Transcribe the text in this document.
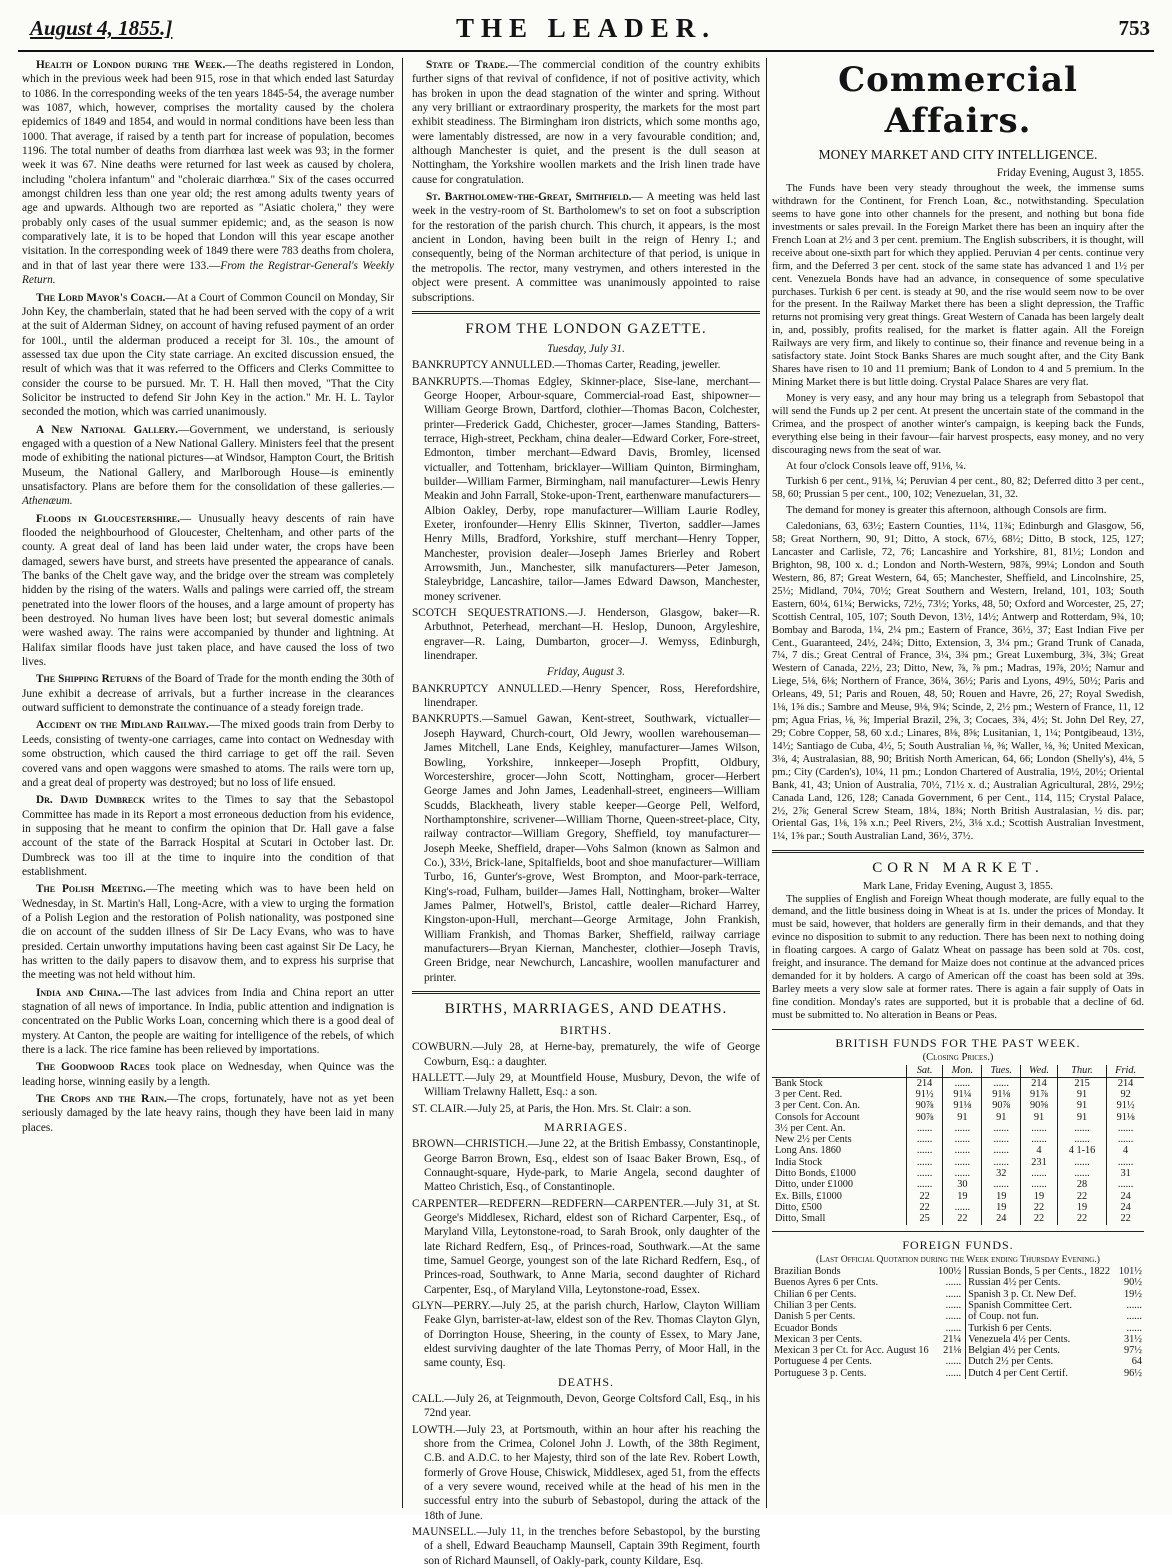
August 4, 1855.]	THE LEADER.	753

Health of London during the Week.—The deaths registered in London, which in the previous week had been 915, rose in that which ended last Saturday to 1086. In the corresponding weeks of the ten years 1845-54, the average number was 1087, which, however, comprises the mortality caused by the cholera epidemics of 1849 and 1854, and would in normal conditions have been less than 1000. That average, if raised by a tenth part for increase of population, becomes 1196. The total number of deaths from diarrhœa last week was 93; in the former week it was 67. Nine deaths were returned for last week as caused by cholera, including "cholera infantum" and "choleraic diarrhœa." Six of the cases occurred amongst children less than one year old; the rest among adults twenty years of age and upwards. Although two are reported as "Asiatic cholera," they were probably only cases of the usual summer epidemic; and, as the season is now comparatively late, it is to be hoped that London will this year escape another visitation. In the corresponding week of 1849 there were 783 deaths from cholera, and in that of last year there were 133.—From the Registrar-General's Weekly Return.

The Lord Mayor's Coach.—At a Court of Common Council on Monday, Sir John Key, the chamberlain, stated that he had been served with the copy of a writ at the suit of Alderman Sidney, on account of having refused payment of an order for 100l., until the alderman produced a receipt for 3l. 10s., the amount of assessed tax due upon the City state carriage. An excited discussion ensued, the result of which was that it was referred to the Officers and Clerks Committee to consider the course to be pursued. Mr. T. H. Hall then moved, "That the City Solicitor be instructed to defend Sir John Key in the action." Mr. H. L. Taylor seconded the motion, which was carried unanimously.

A New National Gallery.—Government, we understand, is seriously engaged with a question of a New National Gallery. Ministers feel that the present mode of exhibiting the national pictures—at Windsor, Hampton Court, the British Museum, the National Gallery, and Marlborough House—is eminently unsatisfactory. Plans are before them for the consolidation of these galleries.—Athenæum.

Floods in Gloucestershire.— Unusually heavy descents of rain have flooded the neighbourhood of Gloucester, Cheltenham, and other parts of the county. A great deal of land has been laid under water, the crops have been damaged, sewers have burst, and streets have presented the appearance of canals. The banks of the Chelt gave way, and the bridge over the stream was completely hidden by the rising of the waters. Walls and palings were carried off, the stream penetrated into the lower floors of the houses, and a large amount of property has been destroyed. No human lives have been lost; but several domestic animals were washed away. The rains were accompanied by thunder and lightning. At Halifax similar floods have just taken place, and have caused the loss of two lives.

The Shipping Returns of the Board of Trade for the month ending the 30th of June exhibit a decrease of arrivals, but a further increase in the clearances outward sufficient to demonstrate the continuance of a steady foreign trade.

Accident on the Midland Railway.—The mixed goods train from Derby to Leeds, consisting of twenty-one carriages, came into contact on Wednesday with some obstruction, which caused the third carriage to get off the rail. Seven covered vans and open waggons were smashed to atoms. The rails were torn up, and a great deal of property was destroyed; but no loss of life ensued.

Dr. David Dumbreck writes to the Times to say that the Sebastopol Committee has made in its Report a most erroneous deduction from his evidence, in supposing that he meant to confirm the opinion that Dr. Hall gave a false account of the state of the Barrack Hospital at Scutari in October last. Dr. Dumbreck was too ill at the time to inquire into the condition of that establishment.

The Polish Meeting.—The meeting which was to have been held on Wednesday, in St. Martin's Hall, Long-Acre, with a view to urging the formation of a Polish Legion and the restoration of Polish nationality, was postponed sine die on account of the sudden illness of Sir De Lacy Evans, who was to have presided. Certain unworthy imputations having been cast against Sir De Lacy, he has written to the daily papers to disavow them, and to express his surprise that the meeting was not held without him.

India and China.—The last advices from India and China report an utter stagnation of all news of importance. In India, public attention and indignation is concentrated on the Public Works Loan, concerning which there is a good deal of mystery. At Canton, the people are waiting for intelligence of the rebels, of which there is a lack. The rice famine has been relieved by importations.

The Goodwood Races took place on Wednesday, when Quince was the leading horse, winning easily by a length.

The Crops and the Rain.—The crops, fortunately, have not as yet been seriously damaged by the late heavy rains, though they have been laid in many places.

State of Trade.—The commercial condition of the country exhibits further signs of that revival of confidence, if not of positive activity, which has broken in upon the dead stagnation of the winter and spring. Without any very brilliant or extraordinary prosperity, the markets for the most part exhibit steadiness. The Birmingham iron districts, which some months ago, were lamentably distressed, are now in a very favourable condition; and, although Manchester is quiet, and the present is the dull season at Nottingham, the Yorkshire woollen markets and the Irish linen trade have cause for congratulation.

St. Bartholomew-the-Great, Smithfield.— A meeting was held last week in the vestry-room of St. Bartholomew's to set on foot a subscription for the restoration of the parish church. This church, it appears, is the most ancient in London, having been built in the reign of Henry I.; and consequently, being of the Norman architecture of that period, is unique in the metropolis. The rector, many vestrymen, and others interested in the object were present. A committee was unanimously appointed to raise subscriptions.

FROM THE LONDON GAZETTE.
Tuesday, July 31.
BANKRUPTCY ANNULLED.—Thomas Carter, Reading, jeweller.
BANKRUPTS.—Thomas Edgley, Skinner-place, Sise-lane, merchant—George Hooper, Arbour-square, Commercial-road East, shipowner—William George Brown, Dartford, clothier—Thomas Bacon, Colchester, printer—Frederick Gadd, Chichester, grocer—James Standing, Batters-terrace, High-street, Peckham, china dealer—Edward Corker, Fore-street, Edmonton, timber merchant—Edward Davis, Bromley, licensed victualler, and Tottenham, bricklayer—William Quinton, Birmingham, builder—William Farmer, Birmingham, nail manufacturer—Lewis Henry Meakin and John Farrall, Stoke-upon-Trent, earthenware manufacturers—Albion Oakley, Derby, rope manufacturer—William Laurie Rodley, Exeter, ironfounder—Henry Ellis Skinner, Tiverton, saddler—James Henry Mills, Bradford, Yorkshire, stuff merchant—Henry Topper, Manchester, provision dealer—Joseph James Brierley and Robert Arrowsmith, Jun., Manchester, silk manufacturers—Peter Jameson, Staleybridge, Lancashire, tailor—James Edward Dawson, Manchester, money scrivener.
SCOTCH SEQUESTRATIONS.—J. Henderson, Glasgow, baker—R. Arbuthnot, Peterhead, merchant—H. Heslop, Dunoon, Argyleshire, engraver—R. Laing, Dumbarton, grocer—J. Wemyss, Edinburgh, linendraper.
Friday, August 3.
BANKRUPTCY ANNULLED.—Henry Spencer, Ross, Herefordshire, linendraper.
BANKRUPTS.—Samuel Gawan, Kent-street, Southwark, victualler—Joseph Hayward, Church-court, Old Jewry, woollen warehouseman—James Mitchell, Lane Ends, Keighley, manufacturer—James Wilson, Bowling, Yorkshire, innkeeper—Joseph Propfitt, Oldbury, Worcestershire, grocer—John Scott, Nottingham, grocer—Herbert George James and John James, Leadenhall-street, engineers—William Scudds, Blackheath, livery stable keeper—George Pell, Welford, Northamptonshire, scrivener—William Thorne, Queen-street-place, City, railway contractor—William Gregory, Sheffield, toy manufacturer—Joseph Meeke, Sheffield, draper—Vohs Salmon (known as Salmon and Co.), 33½, Brick-lane, Spitalfields, boot and shoe manufacturer—William Turbo, 16, Gunter's-grove, West Brompton, and Moor-park-terrace, King's-road, Fulham, builder—James Hall, Nottingham, broker—Walter James Palmer, Hotwell's, Bristol, cattle dealer—Richard Harrey, Kingston-upon-Hull, merchant—George Armitage, John Frankish, William Frankish, and Thomas Barker, Sheffield, railway carriage manufacturers—Bryan Kiernan, Manchester, clothier—Joseph Travis, Green Bridge, near Newchurch, Lancashire, woollen manufacturer and printer.
BIRTHS, MARRIAGES, AND DEATHS.
BIRTHS.
COWBURN.—July 28, at Herne-bay, prematurely, the wife of George Cowburn, Esq.: a daughter.
HALLETT.—July 29, at Mountfield House, Musbury, Devon, the wife of William Trelawny Hallett, Esq.: a son.
ST. CLAIR.—July 25, at Paris, the Hon. Mrs. St. Clair: a son.
MARRIAGES.
BROWN—CHRISTICH.—June 22, at the British Embassy, Constantinople, George Barron Brown, Esq., eldest son of Isaac Baker Brown, Esq., of Connaught-square, Hyde-park, to Marie Angela, second daughter of Matteo Christich, Esq., of Constantinople.
CARPENTER—REDFERN—REDFERN—CARPENTER.—July 31, at St. George's Middlesex, Richard, eldest son of Richard Carpenter, Esq., of Maryland Villa, Leytonstone-road, to Sarah Brook, only daughter of the late Richard Redfern, Esq., of Princes-road, Southwark.—At the same time, Samuel George, youngest son of the late Richard Redfern, Esq., of Princes-road, Southwark, to Anne Maria, second daughter of Richard Carpenter, Esq., of Maryland Villa, Leytonstone-road, Essex.
GLYN—PERRY.—July 25, at the parish church, Harlow, Clayton William Feake Glyn, barrister-at-law, eldest son of the Rev. Thomas Clayton Glyn, of Dorrington House, Sheering, in the county of Essex, to Mary Jane, eldest surviving daughter of the late Thomas Perry, of Moor Hall, in the same county, Esq.
DEATHS.
CALL.—July 26, at Teignmouth, Devon, George Coltsford Call, Esq., in his 72nd year.
LOWTH.—July 23, at Portsmouth, within an hour after his reaching the shore from the Crimea, Colonel John J. Lowth, of the 38th Regiment, C.B. and A.D.C. to her Majesty, third son of the late Rev. Robert Lowth, formerly of Grove House, Chiswick, Middlesex, aged 51, from the effects of a very severe wound, received while at the head of his men in the successful entry into the suburb of Sebastopol, during the attack of the 18th of June.
MAUNSELL.—July 11, in the trenches before Sebastopol, by the bursting of a shell, Edward Beauchamp Maunsell, Captain 39th Regiment, fourth son of Richard Maunsell, of Oakly-park, county Kildare, Esq.
Commercial Affairs.
MONEY MARKET AND CITY INTELLIGENCE.
Friday Evening, August 3, 1855.

The Funds have been very steady throughout the week, the immense sums withdrawn for the Continent, for French Loan, &c., notwithstanding. Speculation seems to have gone into other channels for the present, and nothing but bona fide investments or sales prevail. In the Foreign Market there has been an inquiry after the French Loan at 2½ and 3 per cent. premium. The English subscribers, it is thought, will receive about one-sixth part for which they applied. Peruvian 4 per cents. continue very firm, and the Deferred 3 per cent. stock of the same state has advanced 1 and 1½ per cent. Venezuela Bonds have had an advance, in consequence of some speculative purchases. Turkish 6 per cent. is steady at 90, and the rise would seem now to be over for the present. In the Railway Market there has been a slight depression, the Traffic returns not promising very great things. Great Western of Canada has been largely dealt in, and, possibly, profits realised, for the market is flatter again. All the Foreign Railways are very firm, and likely to continue so, their finance and revenue being in a satisfactory state. Joint Stock Banks Shares are much sought after, and the City Bank Shares have risen to 10 and 11 premium; Bank of London to 4 and 5 premium. In the Mining Market there is but little doing. Crystal Palace Shares are very flat.

Money is very easy, and any hour may bring us a telegraph from Sebastopol that will send the Funds up 2 per cent. At present the uncertain state of the command in the Crimea, and the prospect of another winter's campaign, is keeping back the Funds, everything else being in their favour—fair harvest prospects, easy money, and no very discouraging news from the seat of war.

At four o'clock Consols leave off, 91⅛, ¼.

Turkish 6 per cent., 91⅛, ¼; Peruvian 4 per cent., 80, 82; Deferred ditto 3 per cent., 58, 60; Prussian 5 per cent., 100, 102; Venezuelan, 31, 32.

The demand for money is greater this afternoon, although Consols are firm.

Caledonians, 63, 63½; Eastern Counties, 11¼, 11¾; Edinburgh and Glasgow, 56, 58; Great Northern, 90, 91; Ditto, A stock, 67½, 68½; Ditto, B stock, 125, 127; Lancaster and Carlisle, 72, 76; Lancashire and Yorkshire, 81, 81½; London and Brighton, 98, 100 x. d.; London and North-Western, 98⅞, 99¼; London and South Western, 86, 87; Great Western, 64, 65; Manchester, Sheffield, and Lincolnshire, 25, 25½; Midland, 70¼, 70½; Great Southern and Western, Ireland, 101, 103; South Eastern, 60¼, 61¼; Berwicks, 72½, 73½; Yorks, 48, 50; Oxford and Worcester, 25, 27; Scottish Central, 105, 107; South Devon, 13½, 14½; Antwerp and Rotterdam, 9¾, 10; Bombay and Baroda, 1¼, 2¼ pm.; Eastern of France, 36½, 37; East Indian Five per Cent., Guaranteed, 24½, 24¾; Ditto, Extension, 3, 3¼ pm.; Grand Trunk of Canada, 7¼, 7 dis.; Great Central of France, 3¼, 3¾ pm.; Great Luxemburg, 3¾, 3¾; Great Western of Canada, 22½, 23; Ditto, New, ⅞, ⅞ pm.; Madras, 19⅞, 20½; Namur and Liege, 5⅛, 6⅛; Northern of France, 36¼, 36½; Paris and Lyons, 49½, 50½; Paris and Orleans, 49, 51; Paris and Rouen, 48, 50; Rouen and Havre, 26, 27; Royal Swedish, 1⅛, 1⅝ dis.; Sambre and Meuse, 9⅛, 9¾; Scinde, 2, 2½ pm.; Western of France, 11, 12 pm; Agua Frias, ⅛, ⅜; Imperial Brazil, 2⅝, 3; Cocaes, 3¾, 4½; St. John Del Rey, 27, 29; Cobre Copper, 58, 60 x.d.; Linares, 8⅛, 8⅝; Lusitanian, 1, 1¼; Pontgibeaud, 13½, 14½; Santiago de Cuba, 4½, 5; South Australian ⅛, ⅜; Waller, ⅛, ⅜; United Mexican, 3⅛, 4; Australasian, 88, 90; British North American, 64, 66; London (Shelly's), 4⅛, 5 pm.; City (Carden's), 10¼, 11 pm.; London Chartered of Australia, 19½, 20½; Oriental Bank, 41, 43; Union of Australia, 70½, 71½ x. d.; Australian Agricultural, 28½, 29½; Canada Land, 126, 128; Canada Government, 6 per Cent., 114, 115; Crystal Palace, 2½, 2⅞; General Screw Steam, 18¼, 18¾; North British Australasian, ½ dis. par; Oriental Gas, 1⅛, 1⅝ x.n.; Peel Rivers, 2½, 3⅛ x.d.; Scottish Australian Investment, 1¼, 1⅝ par.; South Australian Land, 36½, 37½.

CORN MARKET.
Mark Lane, Friday Evening, August 3, 1855.

The supplies of English and Foreign Wheat though moderate, are fully equal to the demand, and the little business doing in Wheat is at 1s. under the prices of Monday. It must be said, however, that holders are generally firm in their demands, and that they evince no disposition to submit to any reduction. There has been next to nothing doing in floating cargoes. A cargo of Galatz Wheat on passage has been sold at 70s. cost, freight, and insurance. The demand for Maize does not continue at the advanced prices demanded for it by holders. A cargo of American off the coast has been sold at 39s. Barley meets a very slow sale at former rates. There is again a fair supply of Oats in fine condition. Monday's rates are supported, but it is probable that a decline of 6d. must be submitted to. No alteration in Beans or Peas.

BRITISH FUNDS FOR THE PAST WEEK.
(Closing Prices.)
	Sat.	Mon.	Tues.	Wed.	Thur.	Frid.
Bank Stock	214	......	......	214	215	214
3 per Cent. Red.	91½	91¼	91⅛	91⅞	91	92
3 per Cent. Con. An.	90⅞	91⅛	90⅞	90⅝	91	91½
Consols for Account	90⅞	91	91	91	91	91⅛
3½ per Cent. An.	......	......	......	......	......	......
New 2½ per Cents	......	......	......	......	......	......
Long Ans. 1860	......	......	......	4	4 1-16	4
India Stock	......	......	......	231	......	......
Ditto Bonds, £1000	......	......	32	......	......	31
Ditto, under £1000	......	30	......	......	28	......
Ex. Bills, £1000	22	19	19	19	22	24
Ditto, £500	22	......	19	22	19	24
Ditto, Small	25	22	24	22	22	22
FOREIGN FUNDS.
(Last Official Quotation during the Week ending Thursday Evening.)
Brazilian Bonds	100½	Russian Bonds, 5 per Cents., 1822	101½
Buenos Ayres 6 per Cnts.	......	Russian 4½ per Cents.	90½
Chilian 6 per Cents.	......	Spanish 3 p. Ct. New Def.	19½
Chilian 3 per Cents.	......	Spanish Committee Cert.	......
Danish 5 per Cents.	......	of Coup. not fun.	......
Ecuador Bonds	......	Turkish 6 per Cents.	......
Mexican 3 per Cents.	21¼	Venezuela 4½ per Cents.	31½
Mexican 3 per Ct. for Acc. August 16	21⅛	Belgian 4½ per Cents.	97½
Portuguese 4 per Cents.	......	Dutch 2½ per Cents.	64
Portuguese 3 p. Cents.	......	Dutch 4 per Cent Certif.	96½
